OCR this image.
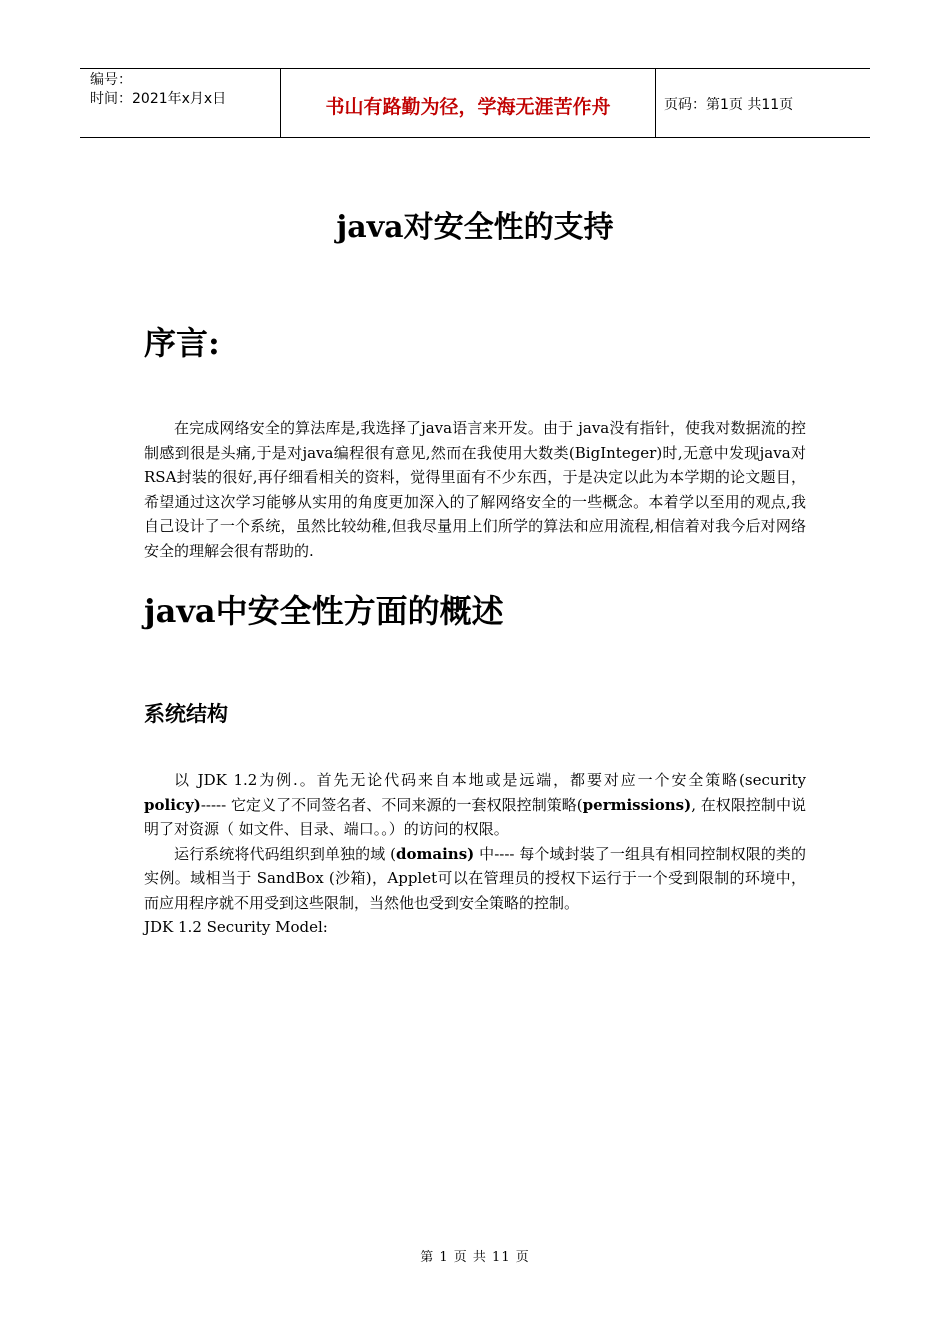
编号：
时间：2021年x月x日	书山有路勤为径，学海无涯苦作舟	页码：第1页 共11页
java对安全性的支持
序言:

在完成网络安全的算法库是,我选择了java语言来开发。由于 java没有指针，使我对数据流的控制感到很是头痛,于是对java编程很有意见,然而在我使用大数类(BigInteger)时,无意中发现java对RSA封装的很好,再仔细看相关的资料，觉得里面有不少东西，于是决定以此为本学期的论文题目，希望通过这次学习能够从实用的角度更加深入的了解网络安全的一些概念。本着学以至用的观点,我自己设计了一个系统，虽然比较幼稚,但我尽量用上们所学的算法和应用流程,相信着对我今后对网络安全的理解会很有帮助的.

java中安全性方面的概述
系统结构

以 JDK 1.2为例.。首先无论代码来自本地或是远端，都要对应一个安全策略(security policy)----- 它定义了不同签名者、不同来源的一套权限控制策略(permissions), 在权限控制中说明了对资源（ 如文件、目录、端口。。）的访问的权限。

运行系统将代码组织到单独的域 (domains) 中---- 每个域封装了一组具有相同控制权限的类的实例。域相当于 SandBox (沙箱)，Applet可以在管理员的授权下运行于一个受到限制的环境中，而应用程序就不用受到这些限制，当然他也受到安全策略的控制。

JDK 1.2 Security Model:

第 1 页 共 11 页
